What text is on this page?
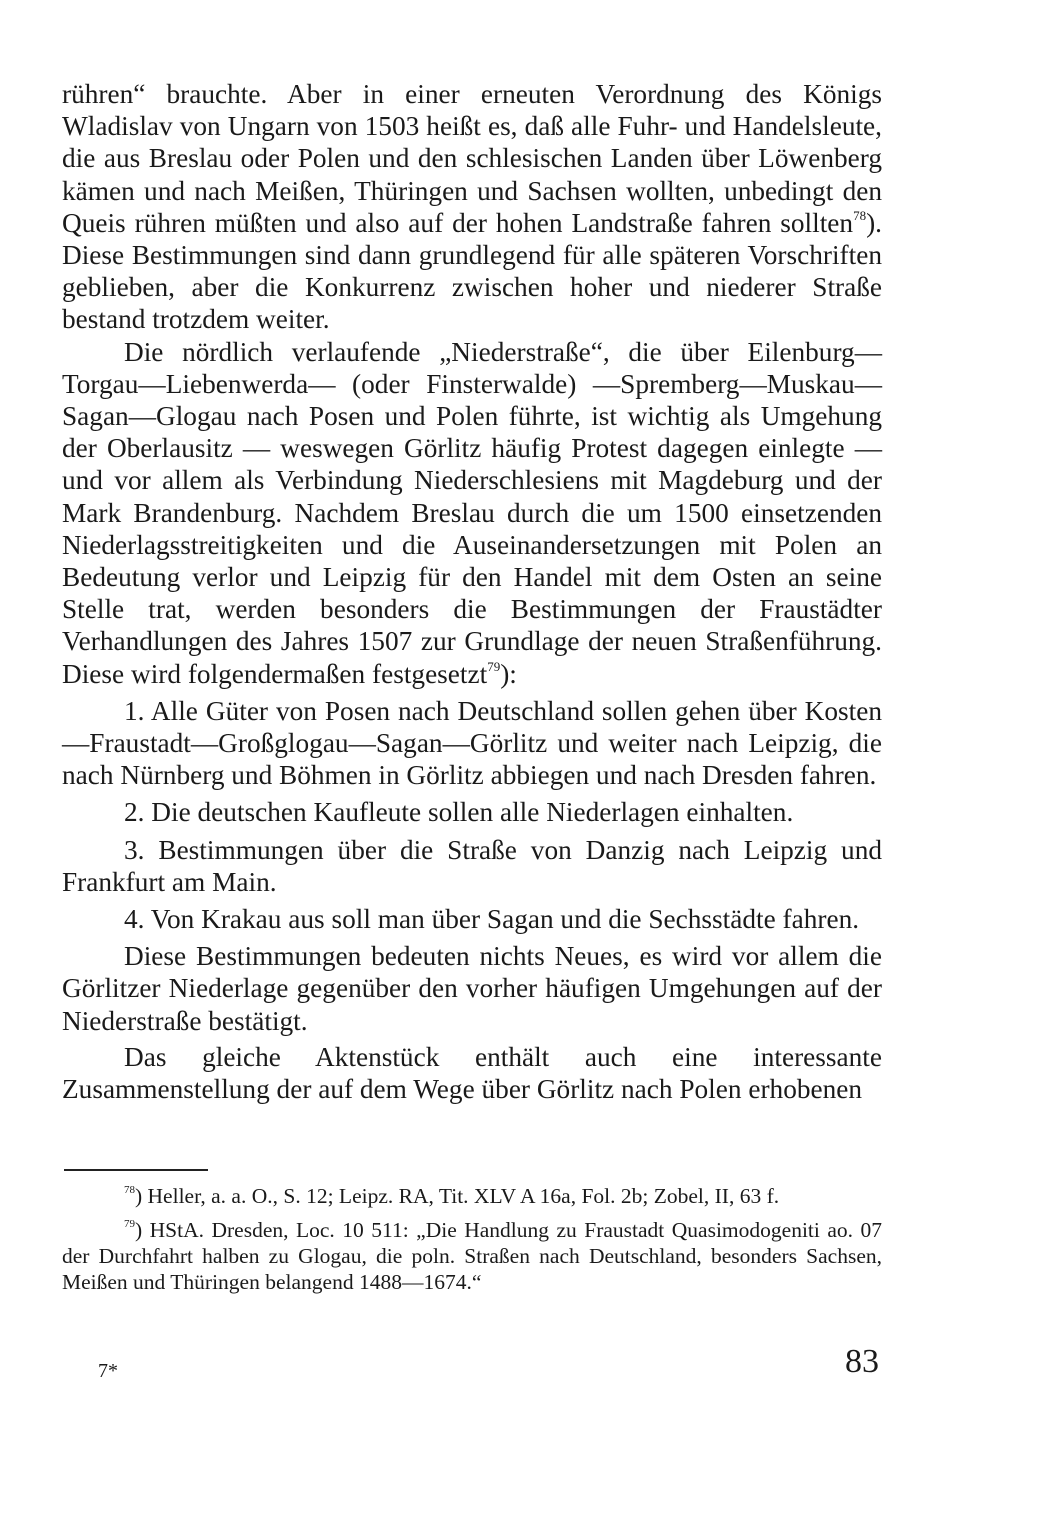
rühren“ brauchte. Aber in einer erneuten Verordnung des Königs Wladislav von Ungarn von 1503 heißt es, daß alle Fuhr- und Handelsleute, die aus Breslau oder Polen und den schlesischen Landen über Löwenberg kämen und nach Meißen, Thüringen und Sachsen wollten, unbedingt den Queis rühren müßten und also auf der hohen Landstraße fahren sollten$^{78}$). Diese Bestimmungen sind dann grundlegend für alle späteren Vorschriften geblieben, aber die Konkurrenz zwischen hoher und niederer Straße bestand trotzdem weiter.

Die nördlich verlaufende „Niederstraße“, die über Eilenburg—Torgau—Liebenwerda— (oder Finsterwalde) —Spremberg—Muskau—Sagan—Glogau nach Posen und Polen führte, ist wichtig als Umgehung der Oberlausitz — weswegen Görlitz häufig Protest dagegen einlegte — und vor allem als Verbindung Niederschlesiens mit Magdeburg und der Mark Brandenburg. Nachdem Breslau durch die um 1500 einsetzenden Niederlagsstreitigkeiten und die Auseinandersetzungen mit Polen an Bedeutung verlor und Leipzig für den Handel mit dem Osten an seine Stelle trat, werden besonders die Bestimmungen der Fraustädter Verhandlungen des Jahres 1507 zur Grundlage der neuen Straßenführung. Diese wird folgendermaßen festgesetzt$^{79}$):

1. Alle Güter von Posen nach Deutschland sollen gehen über Kosten—Fraustadt—Großglogau—Sagan—Görlitz und weiter nach Leipzig, die nach Nürnberg und Böhmen in Görlitz abbiegen und nach Dresden fahren.

2. Die deutschen Kaufleute sollen alle Niederlagen einhalten.

3. Bestimmungen über die Straße von Danzig nach Leipzig und Frankfurt am Main.

4. Von Krakau aus soll man über Sagan und die Sechsstädte fahren.

Diese Bestimmungen bedeuten nichts Neues, es wird vor allem die Görlitzer Niederlage gegenüber den vorher häufigen Umgehungen auf der Niederstraße bestätigt.

Das gleiche Aktenstück enthält auch eine interessante Zusammenstellung der auf dem Wege über Görlitz nach Polen erhobenen

$^{78}$) Heller, a. a. O., S. 12; Leipz. RA, Tit. XLV A 16a, Fol. 2b; Zobel, II, 63 f.

$^{79}$) HStA. Dresden, Loc. 10 511: „Die Handlung zu Fraustadt Quasimodogeniti ao. 07 der Durchfahrt halben zu Glogau, die poln. Straßen nach Deutschland, besonders Sachsen, Meißen und Thüringen belangend 1488—1674.“

7*	83
